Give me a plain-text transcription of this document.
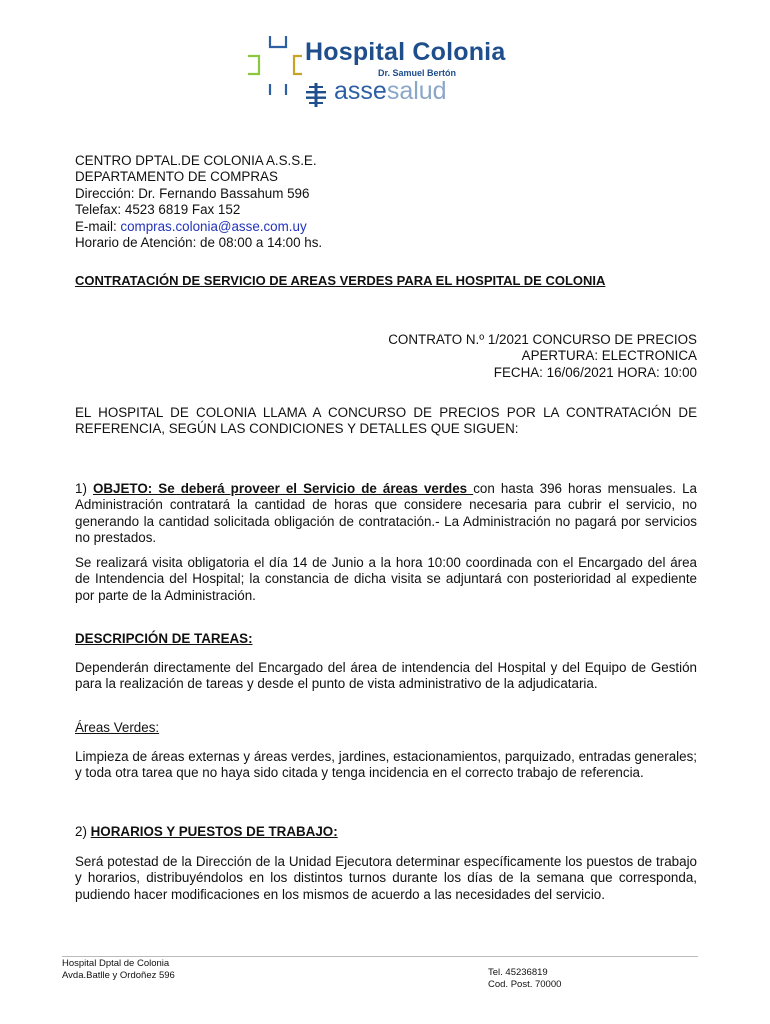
Hospital Colonia
Dr. Samuel Bertón
assesalud
CENTRO DPTAL.DE COLONIA A.S.S.E.
DEPARTAMENTO DE COMPRAS
Dirección: Dr. Fernando Bassahum 596
Telefax: 4523 6819 Fax 152
E-mail: compras.colonia@asse.com.uy
Horario de Atención: de 08:00 a 14:00 hs.
CONTRATACIÓN DE SERVICIO DE AREAS VERDES PARA EL HOSPITAL DE COLONIA
CONTRATO N.º 1/2021 CONCURSO DE PRECIOS
APERTURA: ELECTRONICA
FECHA: 16/06/2021 HORA: 10:00
EL HOSPITAL DE COLONIA LLAMA A CONCURSO DE PRECIOS POR LA CONTRATACIÓN DE REFERENCIA, SEGÚN LAS CONDICIONES Y DETALLES QUE SIGUEN:

1) OBJETO: Se deberá proveer el Servicio de áreas verdes con hasta 396 horas mensuales. La Administración contratará la cantidad de horas que considere necesaria para cubrir el servicio, no generando la cantidad solicitada obligación de contratación.- La Administración no pagará por servicios no prestados.

Se realizará visita obligatoria el día 14 de Junio a la hora 10:00 coordinada con el Encargado del área de Intendencia del Hospital; la constancia de dicha visita se adjuntará con posterioridad al expediente por parte de la Administración.
DESCRIPCIÓN DE TAREAS:
Dependerán directamente del Encargado del área de intendencia del Hospital y del Equipo de Gestión para la realización de tareas y desde el punto de vista administrativo de la adjudicataria.
Áreas Verdes:
Limpieza de áreas externas y áreas verdes, jardines, estacionamientos, parquizado, entradas generales; y toda otra tarea que no haya sido citada y tenga incidencia en el correcto trabajo de referencia.
2) HORARIOS Y PUESTOS DE TRABAJO:
Será potestad de la Dirección de la Unidad Ejecutora determinar específicamente los puestos de trabajo y horarios, distribuyéndolos en los distintos turnos durante los días de la semana que corresponda, pudiendo hacer modificaciones en los mismos de acuerdo a las necesidades del servicio.
Hospital Dptal de Colonia
Avda.Batlle y Ordoñez 596	Tel. 45236819
Cod. Post. 70000
